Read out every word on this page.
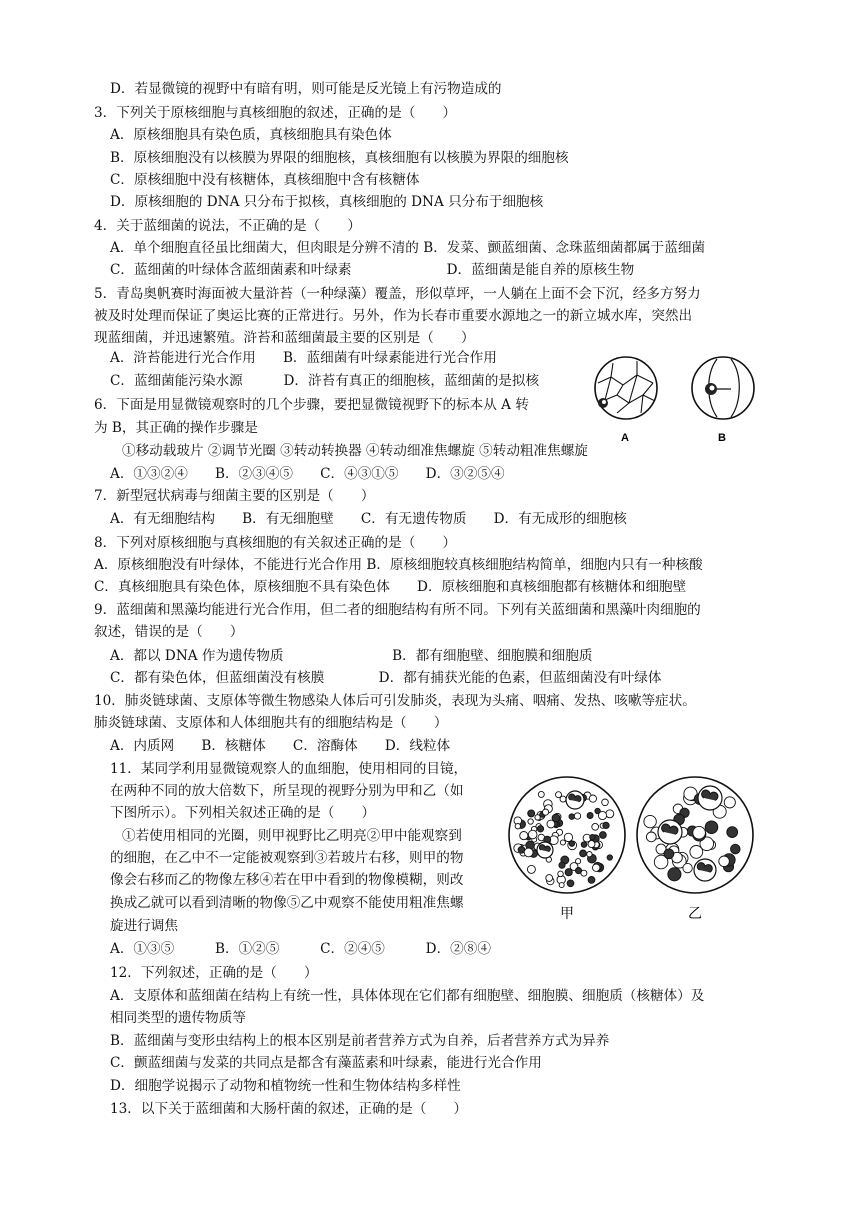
D．若显微镜的视野中有暗有明，则可能是反光镜上有污物造成的
3．下列关于原核细胞与真核细胞的叙述，正确的是（　　）
A．原核细胞具有染色质，真核细胞具有染色体
B．原核细胞没有以核膜为界限的细胞核，真核细胞有以核膜为界限的细胞核
C．原核细胞中没有核糖体，真核细胞中含有核糖体
D．原核细胞的 DNA 只分布于拟核，真核细胞的 DNA 只分布于细胞核
4．关于蓝细菌的说法，不正确的是（　　）
A．单个细胞直径虽比细菌大，但肉眼是分辨不清的 B．发菜、颤蓝细菌、念珠蓝细菌都属于蓝细菌
C．蓝细菌的叶绿体含蓝细菌素和叶绿素　　　　　　　D．蓝细菌是能自养的原核生物
5．青岛奥帆赛时海面被大量浒苔（一种绿藻）覆盖，形似草坪，一人躺在上面不会下沉，经多方努力
被及时处理而保证了奥运比赛的正常进行。另外，作为长春市重要水源地之一的新立城水库，突然出
现蓝细菌，并迅速繁殖。浒苔和蓝细菌最主要的区别是（　　）
A．浒苔能进行光合作用　　B．蓝细菌有叶绿素能进行光合作用
C．蓝细菌能污染水源　　　D．浒苔有真正的细胞核，蓝细菌的是拟核
6．下面是用显微镜观察时的几个步骤，要把显微镜视野下的标本从 A 转
为 B，其正确的操作步骤是
①移动载玻片 ②调节光圈 ③转动转换器 ④转动细准焦螺旋 ⑤转动粗准焦螺旋
A．①③②④　　B．②③④⑤　　C．④③①⑤　　D．③②⑤④
7．新型冠状病毒与细菌主要的区别是（　　）
A．有无细胞结构　　B．有无细胞壁　　C．有无遗传物质　　D．有无成形的细胞核
8．下列对原核细胞与真核细胞的有关叙述正确的是（　　）
A．原核细胞没有叶绿体，不能进行光合作用 B．原核细胞较真核细胞结构简单，细胞内只有一种核酸
C．真核细胞具有染色体，原核细胞不具有染色体　　D．原核细胞和真核细胞都有核糖体和细胞壁
9．蓝细菌和黑藻均能进行光合作用，但二者的细胞结构有所不同。下列有关蓝细菌和黑藻叶肉细胞的
叙述，错误的是（　　）
A．都以 DNA 作为遗传物质　　　　　　　　B．都有细胞壁、细胞膜和细胞质
C．都有染色体，但蓝细菌没有核膜　　　　D．都有捕获光能的色素，但蓝细菌没有叶绿体
10．肺炎链球菌、支原体等微生物感染人体后可引发肺炎，表现为头痛、咽痛、发热、咳嗽等症状。
肺炎链球菌、支原体和人体细胞共有的细胞结构是（　　）
A．内质网　　B．核糖体　　C．溶酶体　　D．线粒体
11．某同学利用显微镜观察人的血细胞，使用相同的目镜，
在两种不同的放大倍数下，所呈现的视野分别为甲和乙（如
下图所示）。下列相关叙述正确的是（　　）
①若使用相同的光圈，则甲视野比乙明亮②甲中能观察到
的细胞，在乙中不一定能被观察到③若玻片右移，则甲的物
像会右移而乙的物像左移④若在甲中看到的物像模糊，则改
换成乙就可以看到清晰的物像⑤乙中观察不能使用粗准焦螺
旋进行调焦
A．①③⑤　　　B．①②⑤　　　C．②④⑤　　　D．②⑧④
12．下列叙述，正确的是（　　）
A．支原体和蓝细菌在结构上有统一性，具体体现在它们都有细胞壁、细胞膜、细胞质（核糖体）及
相同类型的遗传物质等
B．蓝细菌与变形虫结构上的根本区别是前者营养方式为自养，后者营养方式为异养
C．颤蓝细菌与发菜的共同点是都含有藻蓝素和叶绿素，能进行光合作用
D．细胞学说揭示了动物和植物统一性和生物体结构多样性
13．以下关于蓝细菌和大肠杆菌的叙述，正确的是（　　）
A	B
甲	乙
